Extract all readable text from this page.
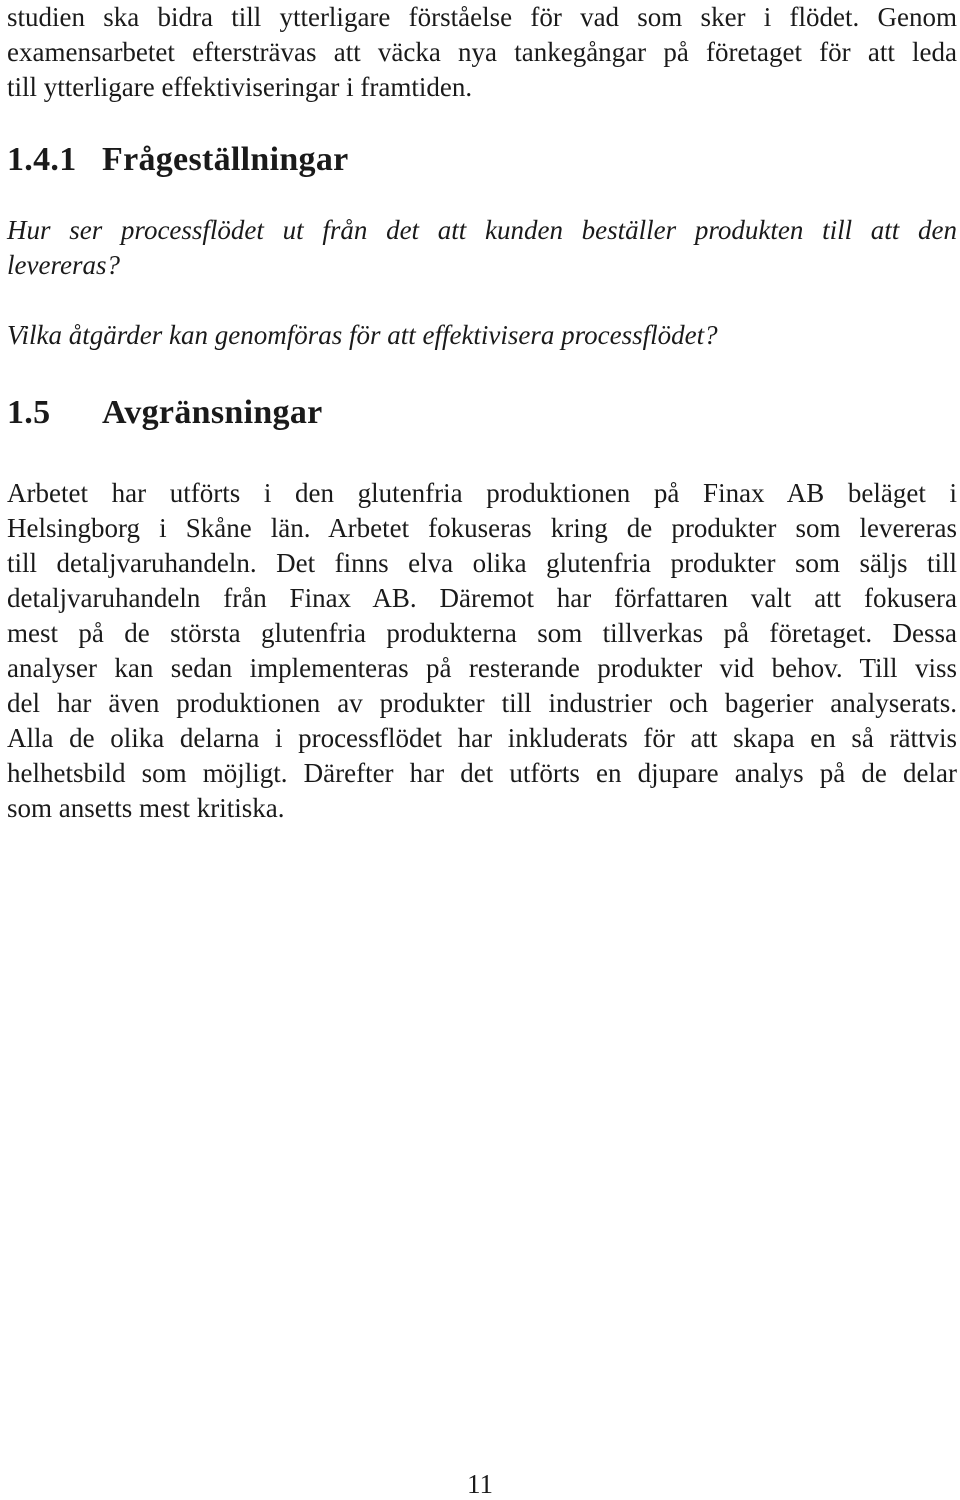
studien ska bidra till ytterligare förståelse för vad som sker i flödet. Genom
examensarbetet eftersträvas att väcka nya tankegångar på företaget för att leda
till ytterligare effektiviseringar i framtiden.

1.4.1 Frågeställningar

Hur ser processflödet ut från det att kunden beställer produkten till att den
levereras?

Vilka åtgärder kan genomföras för att effektivisera processflödet?

1.5 Avgränsningar

Arbetet har utförts i den glutenfria produktionen på Finax AB beläget i
Helsingborg i Skåne län. Arbetet fokuseras kring de produkter som levereras
till detaljvaruhandeln. Det finns elva olika glutenfria produkter som säljs till
detaljvaruhandeln från Finax AB. Däremot har författaren valt att fokusera
mest på de största glutenfria produkterna som tillverkas på företaget. Dessa
analyser kan sedan implementeras på resterande produkter vid behov. Till viss
del har även produktionen av produkter till industrier och bagerier analyserats.
Alla de olika delarna i processflödet har inkluderats för att skapa en så rättvis
helhetsbild som möjligt. Därefter har det utförts en djupare analys på de delar
som ansetts mest kritiska.

11
